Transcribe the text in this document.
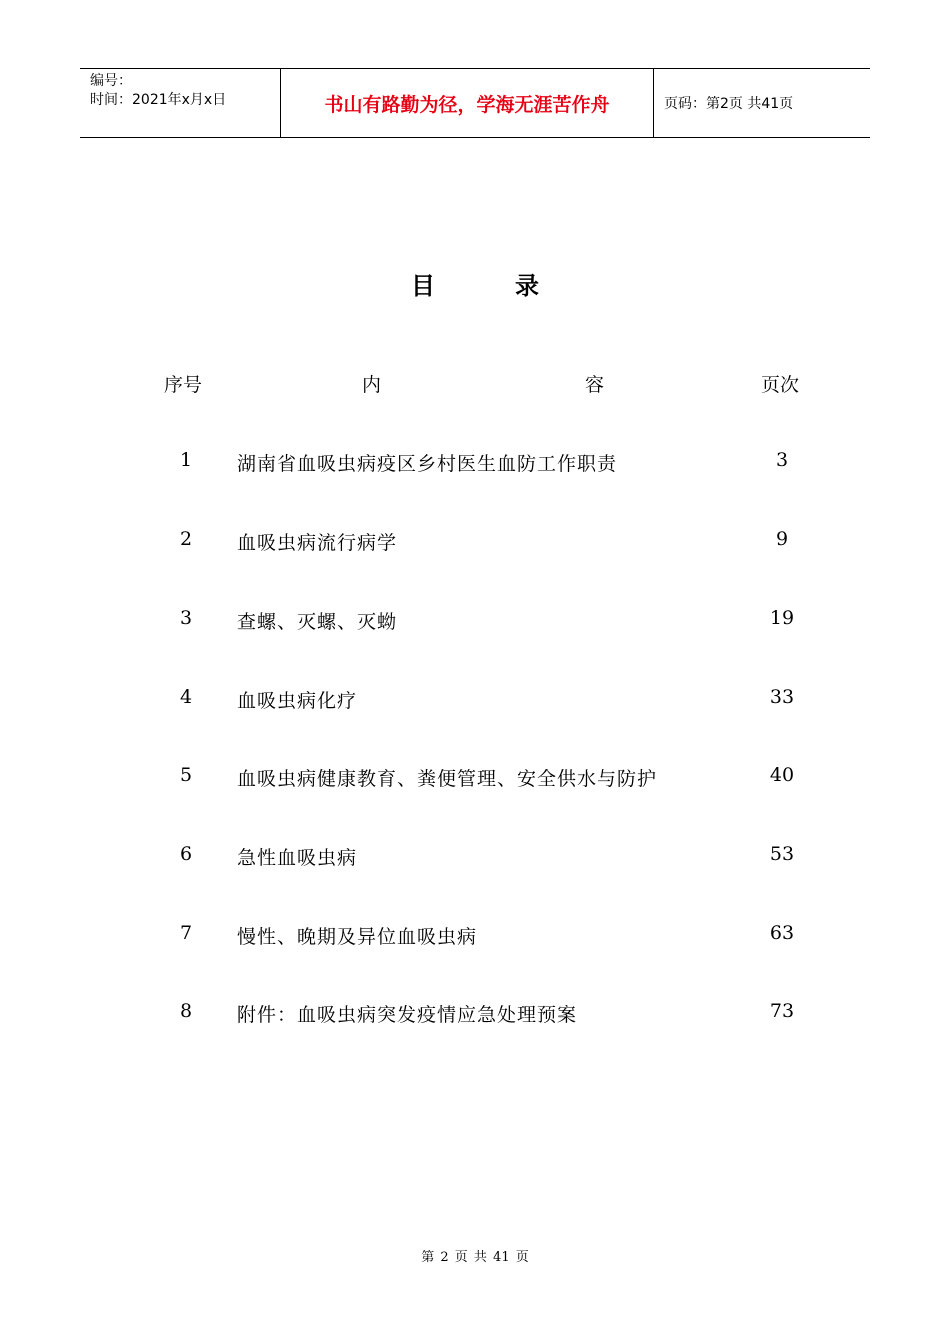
编号：
时间：2021年x月x日	书山有路勤为径，学海无涯苦作舟	页码：第2页 共41页
目	录
序号	内	容	页次
1 湖南省血吸虫病疫区乡村医生血防工作职责	3
2 血吸虫病流行病学	9
3 查螺、灭螺、灭蚴	19
4 血吸虫病化疗	33
5 血吸虫病健康教育、粪便管理、安全供水与防护	40
6 急性血吸虫病	53
7 慢性、晚期及异位血吸虫病	63
8 附件：血吸虫病突发疫情应急处理预案	73
第 2 页 共 41 页
